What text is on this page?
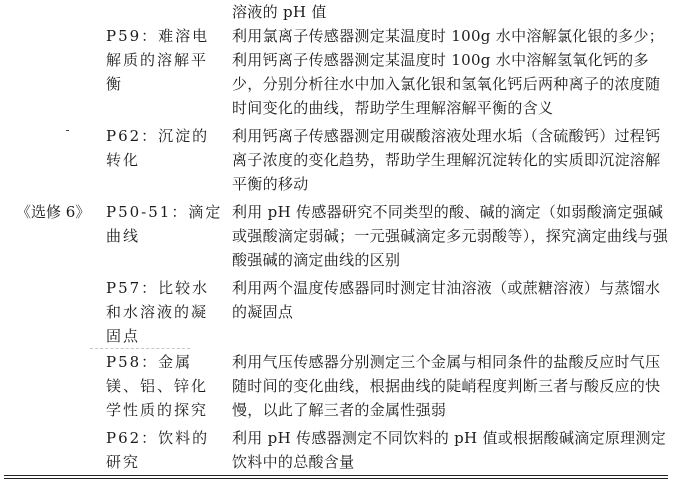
溶液的 pH 值
P59：难溶电解质的溶解平衡
利用氯离子传感器测定某温度时 100g 水中溶解氯化银的多少；利用钙离子传感器测定某温度时 100g 水中溶解氢氧化钙的多少，分别分析往水中加入氯化银和氢氧化钙后两种离子的浓度随时间变化的曲线，帮助学生理解溶解平衡的含义
P62：沉淀的转化
利用钙离子传感器测定用碳酸溶液处理水垢（含硫酸钙）过程钙离子浓度的变化趋势，帮助学生理解沉淀转化的实质即沉淀溶解平衡的移动
《选修 6》 P50-51：滴定曲线
利用 pH 传感器研究不同类型的酸、碱的滴定（如弱酸滴定强碱或强酸滴定弱碱；一元强碱滴定多元弱酸等），探究滴定曲线与强酸强碱的滴定曲线的区别
P57：比较水和水溶液的凝固点
利用两个温度传感器同时测定甘油溶液（或蔗糖溶液）与蒸馏水的凝固点
P58：金属镁、铝、锌化学性质的探究
利用气压传感器分别测定三个金属与相同条件的盐酸反应时气压随时间的变化曲线，根据曲线的陡峭程度判断三者与酸反应的快慢，以此了解三者的金属性强弱
P62：饮料的研究
利用 pH 传感器测定不同饮料的 pH 值或根据酸碱滴定原理测定饮料中的总酸含量
